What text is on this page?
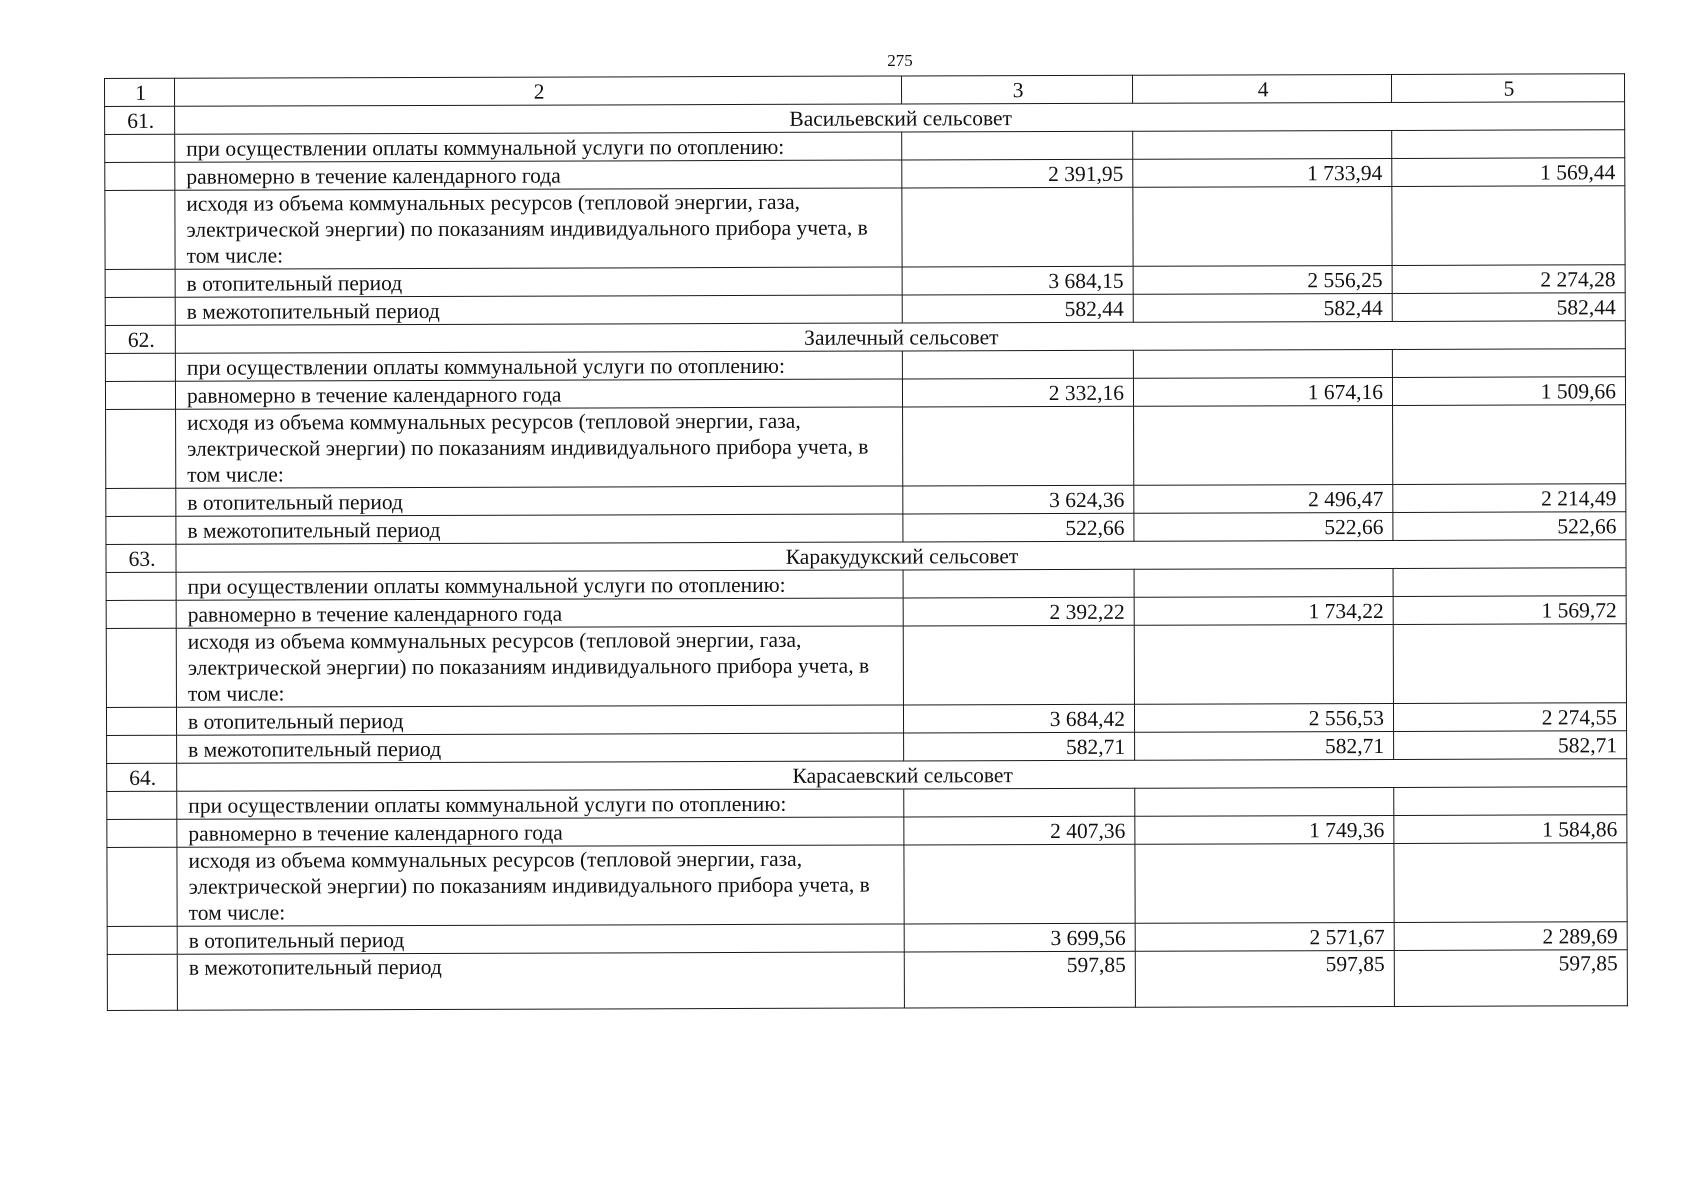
275
1	2	3	4	5
61.	Васильевский сельсовет			
	при осуществлении оплаты коммунальной услуги по отоплению:			
	равномерно в течение календарного года	2 391,95	1 733,94	1 569,44
	исходя из объема коммунальных ресурсов (тепловой энергии, газа, электрической энергии) по показаниям индивидуального прибора учета, в том числе:			
	в отопительный период	3 684,15	2 556,25	2 274,28
	в межотопительный период	582,44	582,44	582,44
62.	Заилечный сельсовет			
	при осуществлении оплаты коммунальной услуги по отоплению:			
	равномерно в течение календарного года	2 332,16	1 674,16	1 509,66
	исходя из объема коммунальных ресурсов (тепловой энергии, газа, электрической энергии) по показаниям индивидуального прибора учета, в том числе:			
	в отопительный период	3 624,36	2 496,47	2 214,49
	в межотопительный период	522,66	522,66	522,66
63.	Каракудукский сельсовет			
	при осуществлении оплаты коммунальной услуги по отоплению:			
	равномерно в течение календарного года	2 392,22	1 734,22	1 569,72
	исходя из объема коммунальных ресурсов (тепловой энергии, газа, электрической энергии) по показаниям индивидуального прибора учета, в том числе:			
	в отопительный период	3 684,42	2 556,53	2 274,55
	в межотопительный период	582,71	582,71	582,71
64.	Карасаевский сельсовет			
	при осуществлении оплаты коммунальной услуги по отоплению:			
	равномерно в течение календарного года	2 407,36	1 749,36	1 584,86
	исходя из объема коммунальных ресурсов (тепловой энергии, газа, электрической энергии) по показаниям индивидуального прибора учета, в том числе:			
	в отопительный период	3 699,56	2 571,67	2 289,69
	в межотопительный период	597,85	597,85	597,85
